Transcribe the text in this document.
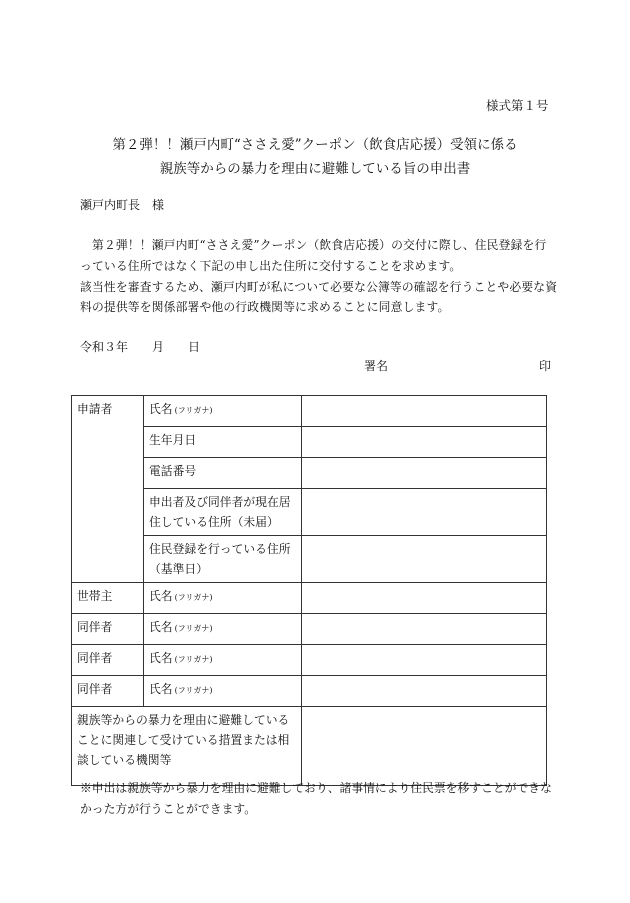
様式第１号
第２弾！！瀬戸内町“ささえ愛”クーポン（飲食店応援）受領に係る
親族等からの暴力を理由に避難している旨の申出書
瀬戸内町長　様
第２弾！！瀬戸内町“ささえ愛”クーポン（飲食店応援）の交付に際し、住民登録を行
っている住所ではなく下記の申し出た住所に交付することを求めます。
該当性を審査するため、瀬戸内町が私について必要な公簿等の確認を行うことや必要な資
料の提供等を関係部署や他の行政機関等に求めることに同意します。
令和３年　　月　　日
署名	印
申請者	氏名 (フリガナ)	
	生年月日	
	電話番号	
	申出者及び同伴者が現在居
住している住所（未届）	
	住民登録を行っている住所
（基準日）	
世帯主	氏名 (フリガナ)	
同伴者	氏名 (フリガナ)	
同伴者	氏名 (フリガナ)	
同伴者	氏名 (フリガナ)	
親族等からの暴力を理由に避難している
ことに関連して受けている措置または相
談している機関等		
※申出は親族等から暴力を理由に避難しており、諸事情により住民票を移すことができな
かった方が行うことができます。
